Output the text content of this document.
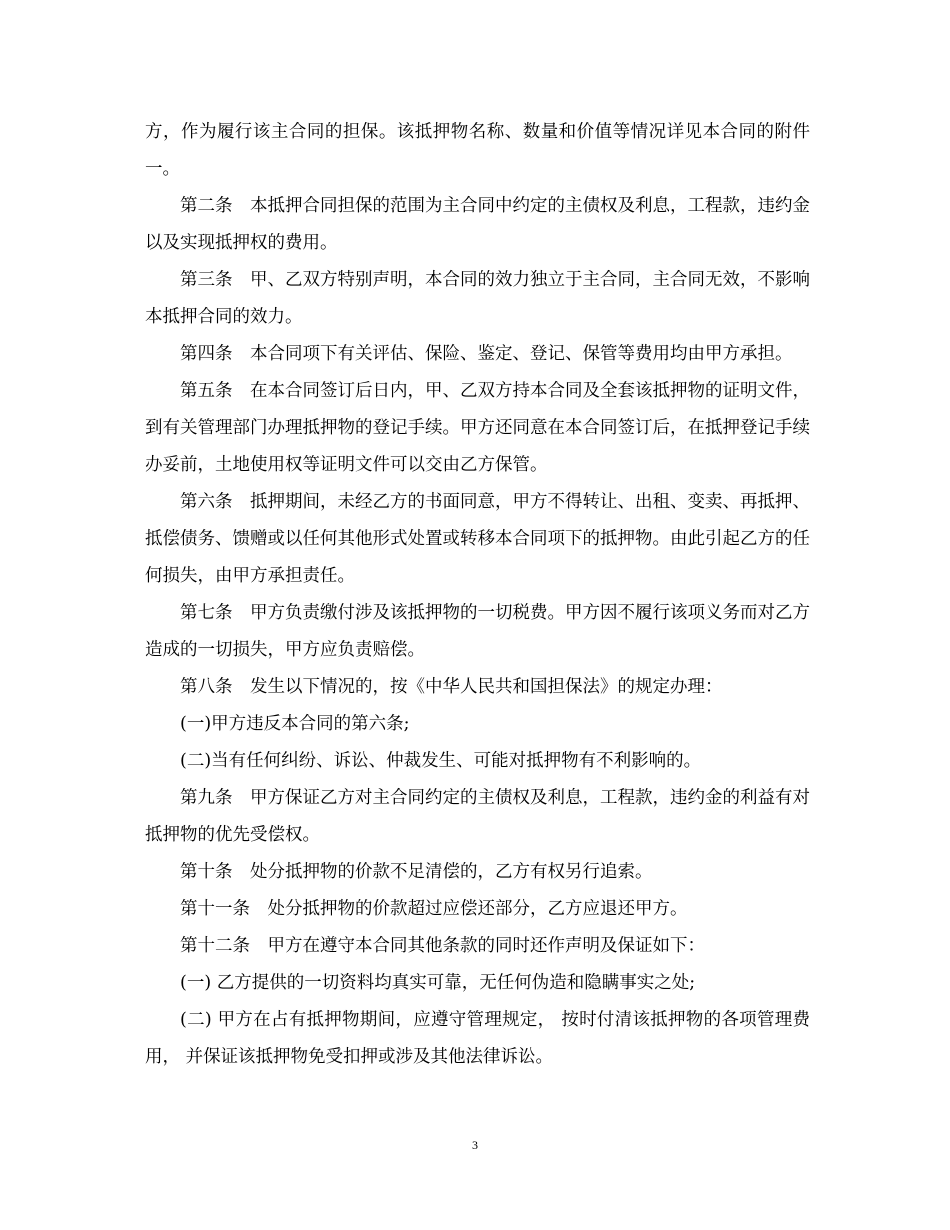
方，作为履行该主合同的担保。该抵押物名称、数量和价值等情况详见本合同的附件一。

第二条　本抵押合同担保的范围为主合同中约定的主债权及利息，工程款，违约金以及实现抵押权的费用。

第三条　甲、乙双方特别声明，本合同的效力独立于主合同，主合同无效，不影响本抵押合同的效力。

第四条　本合同项下有关评估、保险、鉴定、登记、保管等费用均由甲方承担。

第五条　在本合同签订后日内，甲、乙双方持本合同及全套该抵押物的证明文件，到有关管理部门办理抵押物的登记手续。甲方还同意在本合同签订后，在抵押登记手续办妥前，土地使用权等证明文件可以交由乙方保管。

第六条　抵押期间，未经乙方的书面同意，甲方不得转让、出租、变卖、再抵押、抵偿债务、馈赠或以任何其他形式处置或转移本合同项下的抵押物。由此引起乙方的任何损失，由甲方承担责任。

第七条　甲方负责缴付涉及该抵押物的一切税费。甲方因不履行该项义务而对乙方造成的一切损失，甲方应负责赔偿。

第八条　发生以下情况的，按《中华人民共和国担保法》的规定办理：

(一)甲方违反本合同的第六条;

(二)当有任何纠纷、诉讼、仲裁发生、可能对抵押物有不利影响的。

第九条　甲方保证乙方对主合同约定的主债权及利息，工程款，违约金的利益有对抵押物的优先受偿权。

第十条　处分抵押物的价款不足清偿的，乙方有权另行追索。

第十一条　处分抵押物的价款超过应偿还部分，乙方应退还甲方。

第十二条　甲方在遵守本合同其他条款的同时还作声明及保证如下：

(一) 乙方提供的一切资料均真实可靠，无任何伪造和隐瞒事实之处;

(二) 甲方在占有抵押物期间，应遵守管理规定， 按时付清该抵押物的各项管理费用， 并保证该抵押物免受扣押或涉及其他法律诉讼。

3
